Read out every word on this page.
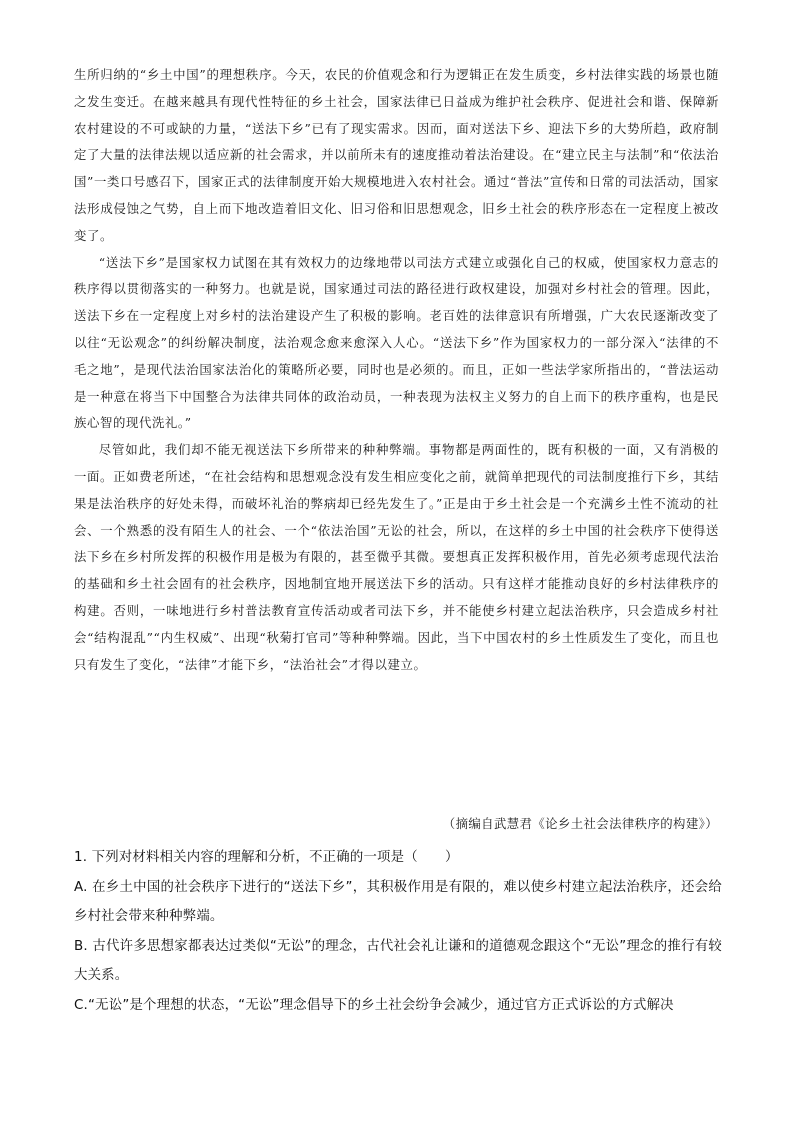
生所归纳的“乡土中国”的理想秩序。今天，农民的价值观念和行为逻辑正在发生质变，乡村法律实践的场景也随之发生变迁。在越来越具有现代性特征的乡土社会，国家法律已日益成为维护社会秩序、促进社会和谐、保障新农村建设的不可或缺的力量，“送法下乡”已有了现实需求。因而，面对送法下乡、迎法下乡的大势所趋，政府制定了大量的法律法规以适应新的社会需求，并以前所未有的速度推动着法治建设。在“建立民主与法制”和“依法治国”一类口号感召下，国家正式的法律制度开始大规模地进入农村社会。通过“普法”宣传和日常的司法活动，国家法形成侵蚀之气势，自上而下地改造着旧文化、旧习俗和旧思想观念，旧乡土社会的秩序形态在一定程度上被改变了。

“送法下乡”是国家权力试图在其有效权力的边缘地带以司法方式建立或强化自己的权威，使国家权力意志的秩序得以贯彻落实的一种努力。也就是说，国家通过司法的路径进行政权建设，加强对乡村社会的管理。因此，送法下乡在一定程度上对乡村的法治建设产生了积极的影响。老百姓的法律意识有所增强，广大农民逐渐改变了以往“无讼观念”的纠纷解决制度，法治观念愈来愈深入人心。“送法下乡”作为国家权力的一部分深入“法律的不毛之地”，是现代法治国家法治化的策略所必要，同时也是必须的。而且，正如一些法学家所指出的，“普法运动是一种意在将当下中国整合为法律共同体的政治动员，一种表现为法权主义努力的自上而下的秩序重构，也是民族心智的现代洗礼。”

尽管如此，我们却不能无视送法下乡所带来的种种弊端。事物都是两面性的，既有积极的一面，又有消极的一面。正如费老所述，“在社会结构和思想观念没有发生相应变化之前，就简单把现代的司法制度推行下乡，其结果是法治秩序的好处未得，而破坏礼治的弊病却已经先发生了。”正是由于乡土社会是一个充满乡土性不流动的社会、一个熟悉的没有陌生人的社会、一个“依法治国”无讼的社会，所以，在这样的乡土中国的社会秩序下使得送法下乡在乡村所发挥的积极作用是极为有限的，甚至微乎其微。要想真正发挥积极作用，首先必须考虑现代法治的基础和乡土社会固有的社会秩序，因地制宜地开展送法下乡的活动。只有这样才能推动良好的乡村法律秩序的构建。否则，一味地进行乡村普法教育宣传活动或者司法下乡，并不能使乡村建立起法治秩序，只会造成乡村社会“结构混乱”“内生权威”、出现“秋菊打官司”等种种弊端。因此，当下中国农村的乡土性质发生了变化，而且也只有发生了变化，“法律”才能下乡，“法治社会”才得以建立。

（摘编自武慧君《论乡土社会法律秩序的构建》）

1. 下列对材料相关内容的理解和分析，不正确的一项是（　　）

A. 在乡土中国的社会秩序下进行的“送法下乡”，其积极作用是有限的，难以使乡村建立起法治秩序，还会给乡村社会带来种种弊端。

B. 古代许多思想家都表达过类似“无讼”的理念，古代社会礼让谦和的道德观念跟这个“无讼”理念的推行有较大关系。

C.“无讼”是个理想的状态，“无讼”理念倡导下的乡土社会纷争会减少，通过官方正式诉讼的方式解决
